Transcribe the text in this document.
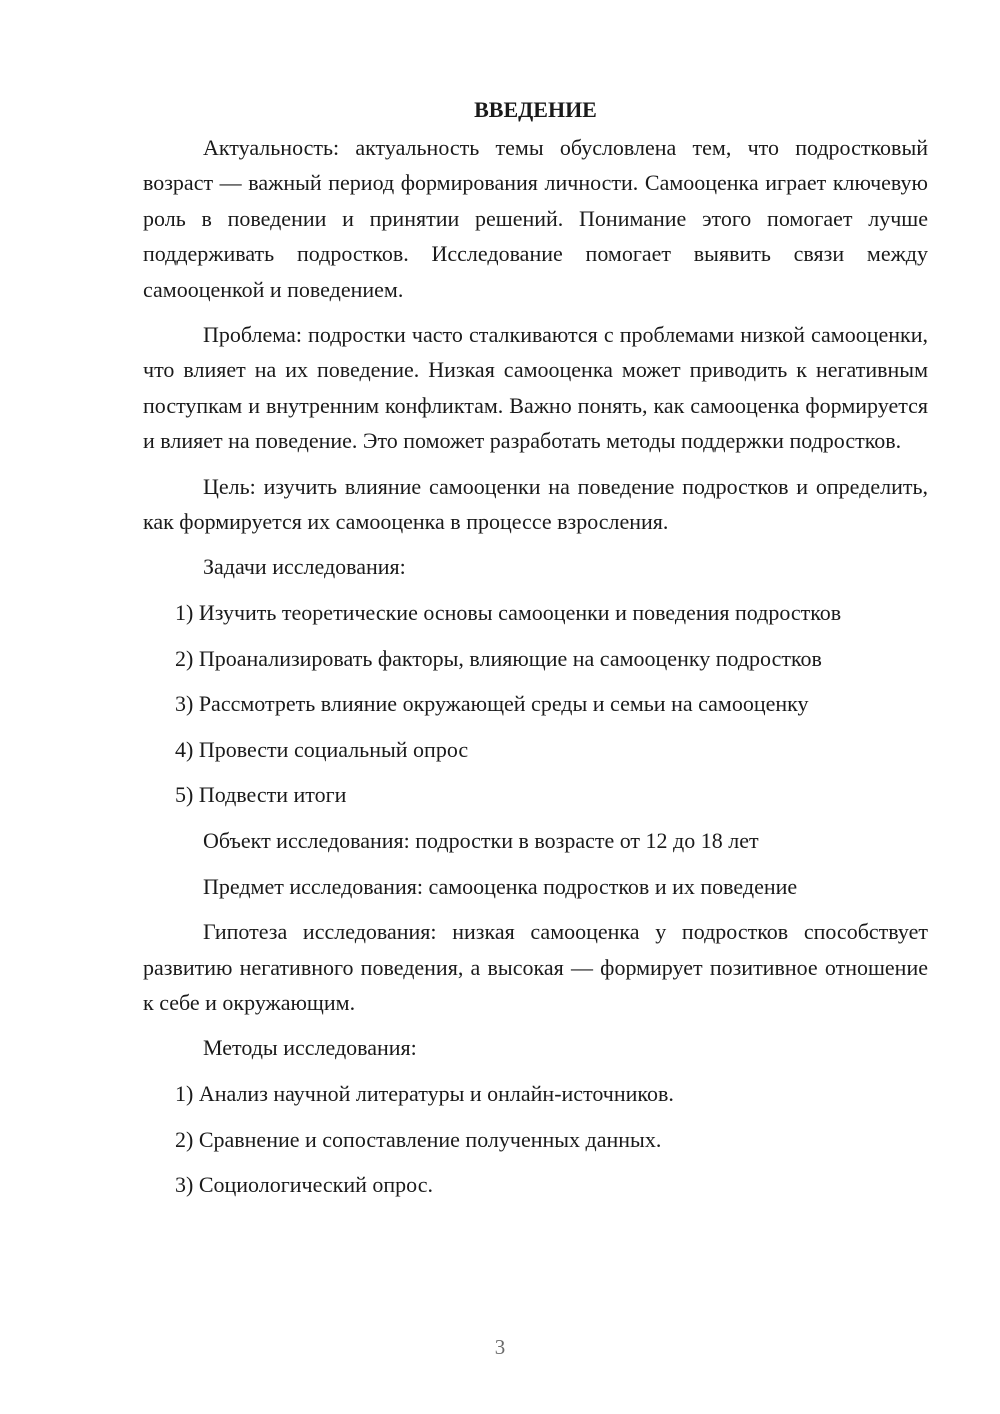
ВВЕДЕНИЕ

Актуальность: актуальность темы обусловлена тем, что подростковый возраст — важный период формирования личности. Самооценка играет ключевую роль в поведении и принятии решений. Понимание этого помогает лучше поддерживать подростков. Исследование помогает выявить связи между самооценкой и поведением.

Проблема: подростки часто сталкиваются с проблемами низкой самооценки, что влияет на их поведение. Низкая самооценка может приводить к негативным поступкам и внутренним конфликтам. Важно понять, как самооценка формируется и влияет на поведение. Это поможет разработать методы поддержки подростков.

Цель: изучить влияние самооценки на поведение подростков и определить, как формируется их самооценка в процессе взросления.

Задачи исследования:

1) Изучить теоретические основы самооценки и поведения подростков

2) Проанализировать факторы, влияющие на самооценку подростков

3) Рассмотреть влияние окружающей среды и семьи на самооценку

4) Провести социальный опрос

5) Подвести итоги

Объект исследования: подростки в возрасте от 12 до 18 лет

Предмет исследования: самооценка подростков и их поведение

Гипотеза исследования: низкая самооценка у подростков способствует развитию негативного поведения, а высокая — формирует позитивное отношение к себе и окружающим.

Методы исследования:

1) Анализ научной литературы и онлайн-источников.

2) Сравнение и сопоставление полученных данных.

3) Социологический опрос.

3
